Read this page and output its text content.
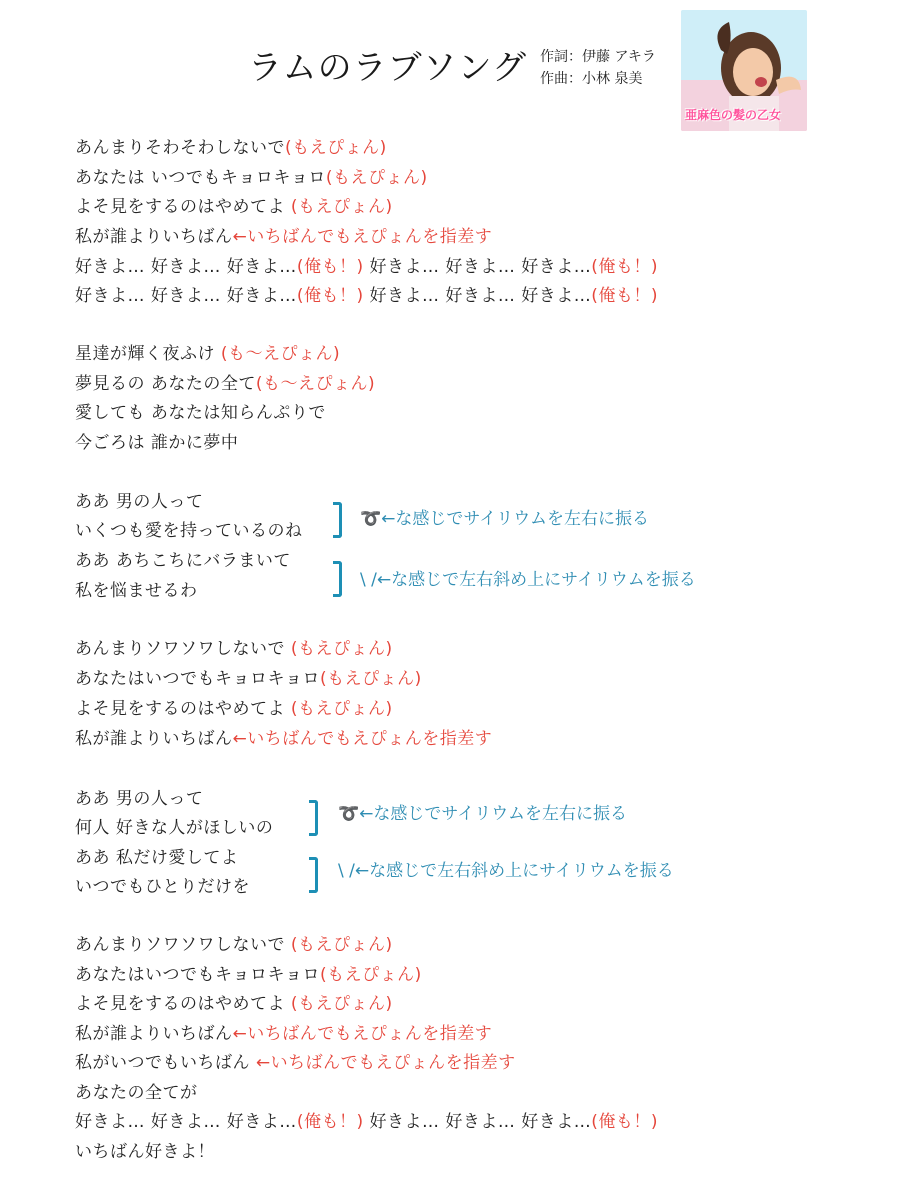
ラムのラブソング 作詞：伊藤 アキラ
作曲：小林 泉美
亜麻色の髪の乙女
あんまりそわそわしないで(もえぴょん)
あなたは いつでもキョロキョロ(もえぴょん)
よそ見をするのはやめてよ (もえぴょん)
私が誰よりいちばん←いちばんでもえぴょんを指差す
好きよ… 好きよ… 好きよ…(俺も！) 好きよ… 好きよ… 好きよ…(俺も！)
好きよ… 好きよ… 好きよ…(俺も！) 好きよ… 好きよ… 好きよ…(俺も！)
星達が輝く夜ふけ (も〜えぴょん)
夢見るの あなたの全て(も〜えぴょん)
愛しても あなたは知らんぷりで
今ごろは 誰かに夢中
ああ 男の人って
いくつも愛を持っているのね
ああ あちこちにバラまいて
私を悩ませるわ
➰←な感じでサイリウムを左右に振る
\ /←な感じで左右斜め上にサイリウムを振る
あんまりソワソワしないで (もえぴょん)
あなたはいつでもキョロキョロ(もえぴょん)
よそ見をするのはやめてよ (もえぴょん)
私が誰よりいちばん←いちばんでもえぴょんを指差す
ああ 男の人って
何人 好きな人がほしいの
ああ 私だけ愛してよ
いつでもひとりだけを
➰←な感じでサイリウムを左右に振る
\ /←な感じで左右斜め上にサイリウムを振る
あんまりソワソワしないで (もえぴょん)
あなたはいつでもキョロキョロ(もえぴょん)
よそ見をするのはやめてよ (もえぴょん)
私が誰よりいちばん←いちばんでもえぴょんを指差す
私がいつでもいちばん ←いちばんでもえぴょんを指差す
あなたの全てが
好きよ… 好きよ… 好きよ…(俺も！) 好きよ… 好きよ… 好きよ…(俺も！)
いちばん好きよ！
